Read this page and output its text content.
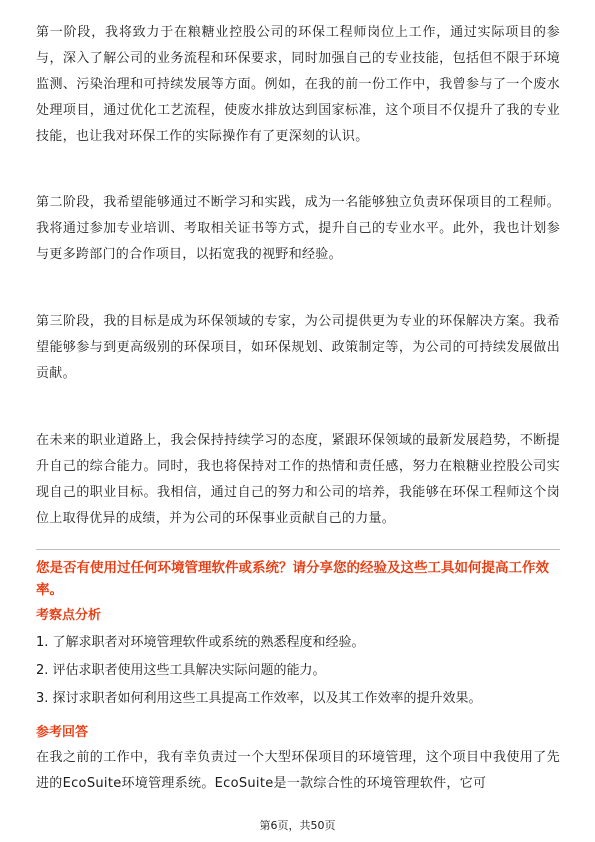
第一阶段，我将致力于在粮糖业控股公司的环保工程师岗位上工作，通过实际项目的参与，深入了解公司的业务流程和环保要求，同时加强自己的专业技能，包括但不限于环境监测、污染治理和可持续发展等方面。例如，在我的前一份工作中，我曾参与了一个废水处理项目，通过优化工艺流程，使废水排放达到国家标准，这个项目不仅提升了我的专业技能，也让我对环保工作的实际操作有了更深刻的认识。

第二阶段，我希望能够通过不断学习和实践，成为一名能够独立负责环保项目的工程师。我将通过参加专业培训、考取相关证书等方式，提升自己的专业水平。此外，我也计划参与更多跨部门的合作项目，以拓宽我的视野和经验。

第三阶段，我的目标是成为环保领域的专家，为公司提供更为专业的环保解决方案。我希望能够参与到更高级别的环保项目，如环保规划、政策制定等，为公司的可持续发展做出贡献。

在未来的职业道路上，我会保持持续学习的态度，紧跟环保领域的最新发展趋势，不断提升自己的综合能力。同时，我也将保持对工作的热情和责任感，努力在粮糖业控股公司实现自己的职业目标。我相信，通过自己的努力和公司的培养，我能够在环保工程师这个岗位上取得优异的成绩，并为公司的环保事业贡献自己的力量。

您是否有使用过任何环境管理软件或系统？请分享您的经验及这些工具如何提高工作效率。

考察点分析

1. 了解求职者对环境管理软件或系统的熟悉程度和经验。

2. 评估求职者使用这些工具解决实际问题的能力。

3. 探讨求职者如何利用这些工具提高工作效率，以及其工作效率的提升效果。

参考回答

在我之前的工作中，我有幸负责过一个大型环保项目的环境管理，这个项目中我使用了先进的EcoSuite环境管理系统。EcoSuite是一款综合性的环境管理软件，它可

第6页，共50页
